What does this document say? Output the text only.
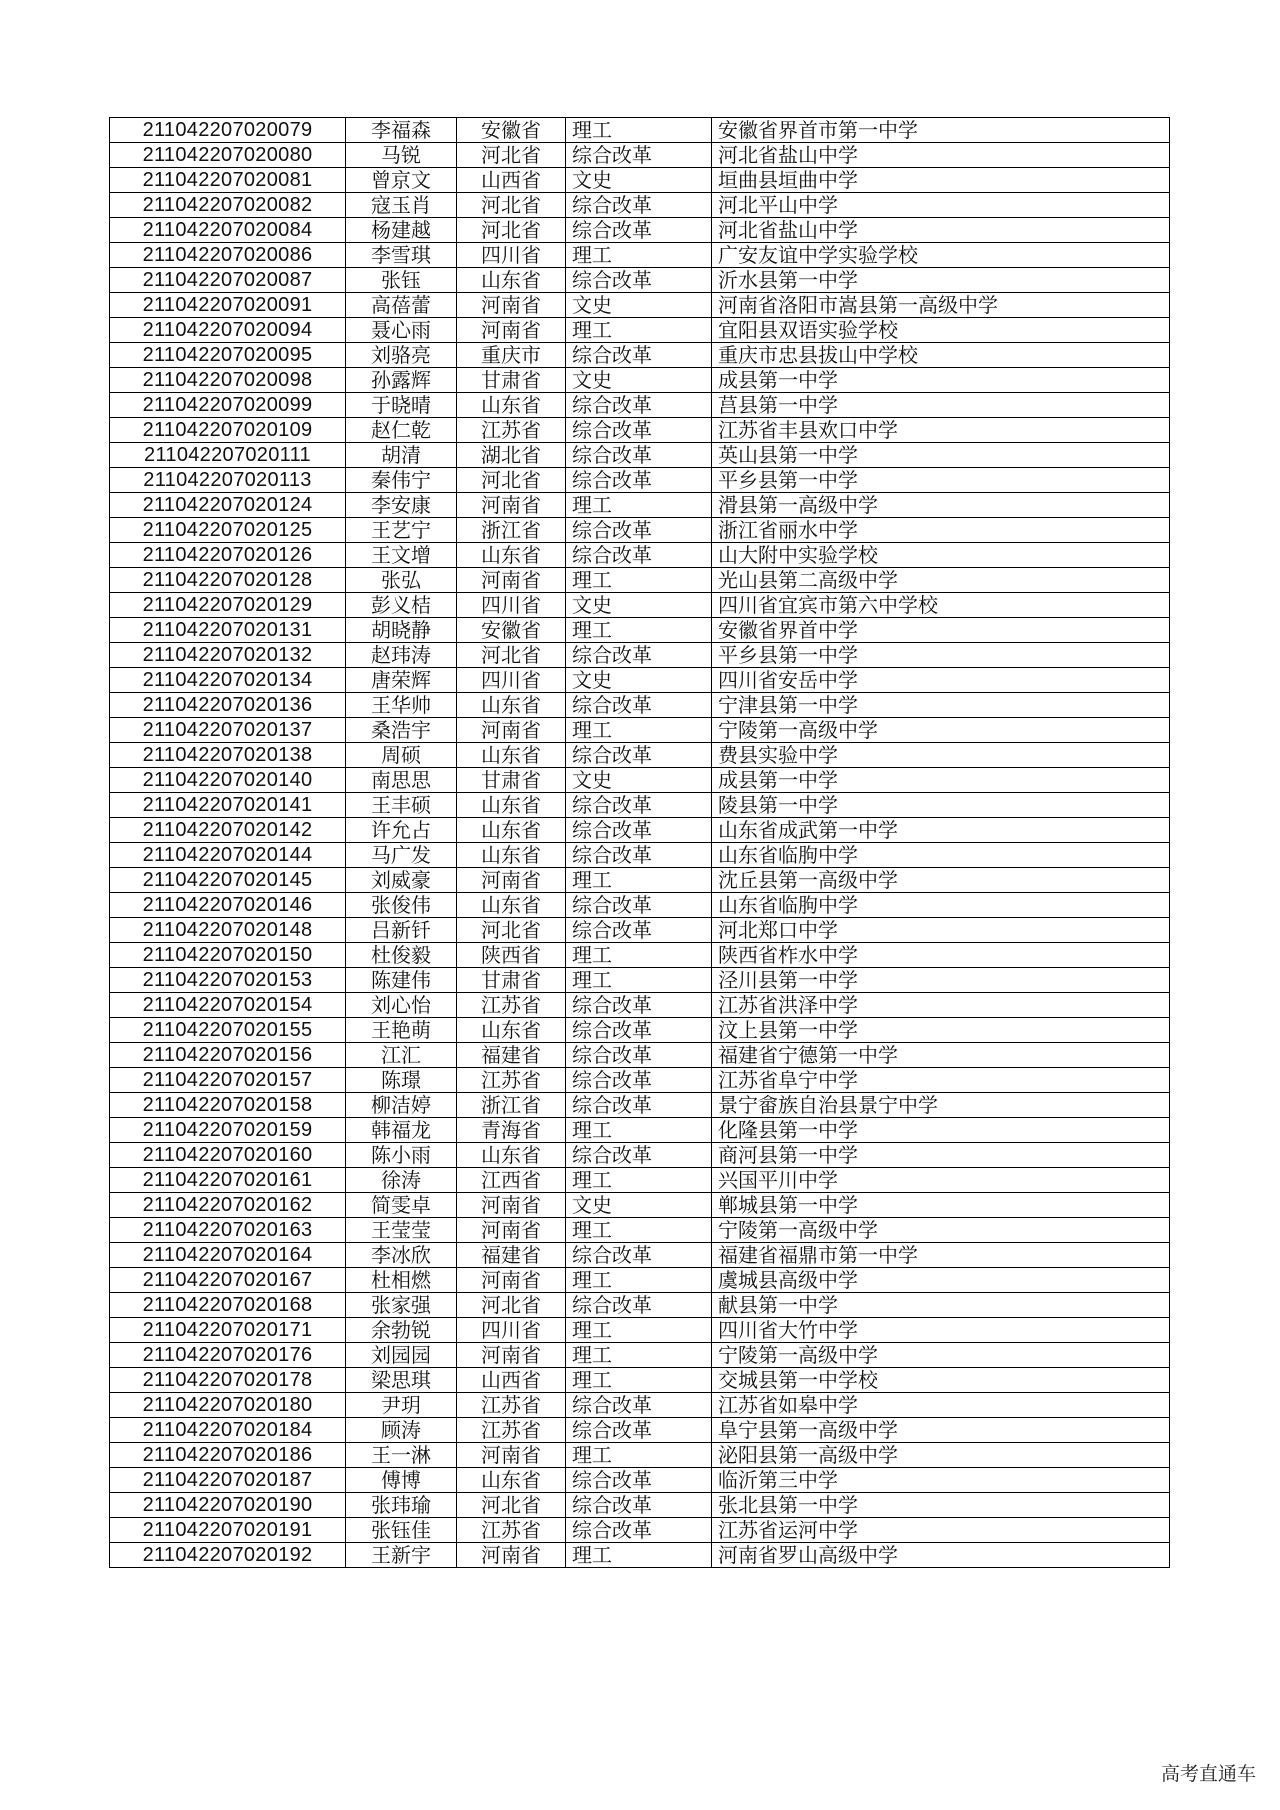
211042207020079	李福森	安徽省	理工	安徽省界首市第一中学
211042207020080	马锐	河北省	综合改革	河北省盐山中学
211042207020081	曾京文	山西省	文史	垣曲县垣曲中学
211042207020082	寇玉肖	河北省	综合改革	河北平山中学
211042207020084	杨建越	河北省	综合改革	河北省盐山中学
211042207020086	李雪琪	四川省	理工	广安友谊中学实验学校
211042207020087	张钰	山东省	综合改革	沂水县第一中学
211042207020091	高蓓蕾	河南省	文史	河南省洛阳市嵩县第一高级中学
211042207020094	聂心雨	河南省	理工	宜阳县双语实验学校
211042207020095	刘骆亮	重庆市	综合改革	重庆市忠县拔山中学校
211042207020098	孙露辉	甘肃省	文史	成县第一中学
211042207020099	于晓晴	山东省	综合改革	莒县第一中学
211042207020109	赵仁乾	江苏省	综合改革	江苏省丰县欢口中学
211042207020111	胡清	湖北省	综合改革	英山县第一中学
211042207020113	秦伟宁	河北省	综合改革	平乡县第一中学
211042207020124	李安康	河南省	理工	滑县第一高级中学
211042207020125	王艺宁	浙江省	综合改革	浙江省丽水中学
211042207020126	王文增	山东省	综合改革	山大附中实验学校
211042207020128	张弘	河南省	理工	光山县第二高级中学
211042207020129	彭义桔	四川省	文史	四川省宜宾市第六中学校
211042207020131	胡晓静	安徽省	理工	安徽省界首中学
211042207020132	赵玮涛	河北省	综合改革	平乡县第一中学
211042207020134	唐荣辉	四川省	文史	四川省安岳中学
211042207020136	王华帅	山东省	综合改革	宁津县第一中学
211042207020137	桑浩宇	河南省	理工	宁陵第一高级中学
211042207020138	周硕	山东省	综合改革	费县实验中学
211042207020140	南思思	甘肃省	文史	成县第一中学
211042207020141	王丰硕	山东省	综合改革	陵县第一中学
211042207020142	许允占	山东省	综合改革	山东省成武第一中学
211042207020144	马广发	山东省	综合改革	山东省临朐中学
211042207020145	刘威豪	河南省	理工	沈丘县第一高级中学
211042207020146	张俊伟	山东省	综合改革	山东省临朐中学
211042207020148	吕新钎	河北省	综合改革	河北郑口中学
211042207020150	杜俊毅	陕西省	理工	陕西省柞水中学
211042207020153	陈建伟	甘肃省	理工	泾川县第一中学
211042207020154	刘心怡	江苏省	综合改革	江苏省洪泽中学
211042207020155	王艳萌	山东省	综合改革	汶上县第一中学
211042207020156	江汇	福建省	综合改革	福建省宁德第一中学
211042207020157	陈璟	江苏省	综合改革	江苏省阜宁中学
211042207020158	柳洁婷	浙江省	综合改革	景宁畲族自治县景宁中学
211042207020159	韩福龙	青海省	理工	化隆县第一中学
211042207020160	陈小雨	山东省	综合改革	商河县第一中学
211042207020161	徐涛	江西省	理工	兴国平川中学
211042207020162	简雯卓	河南省	文史	郸城县第一中学
211042207020163	王莹莹	河南省	理工	宁陵第一高级中学
211042207020164	李冰欣	福建省	综合改革	福建省福鼎市第一中学
211042207020167	杜相燃	河南省	理工	虞城县高级中学
211042207020168	张家强	河北省	综合改革	献县第一中学
211042207020171	余勃锐	四川省	理工	四川省大竹中学
211042207020176	刘园园	河南省	理工	宁陵第一高级中学
211042207020178	梁思琪	山西省	理工	交城县第一中学校
211042207020180	尹玥	江苏省	综合改革	江苏省如皋中学
211042207020184	顾涛	江苏省	综合改革	阜宁县第一高级中学
211042207020186	王一淋	河南省	理工	泌阳县第一高级中学
211042207020187	傅博	山东省	综合改革	临沂第三中学
211042207020190	张玮瑜	河北省	综合改革	张北县第一中学
211042207020191	张钰佳	江苏省	综合改革	江苏省运河中学
211042207020192	王新宇	河南省	理工	河南省罗山高级中学
高考直通车
